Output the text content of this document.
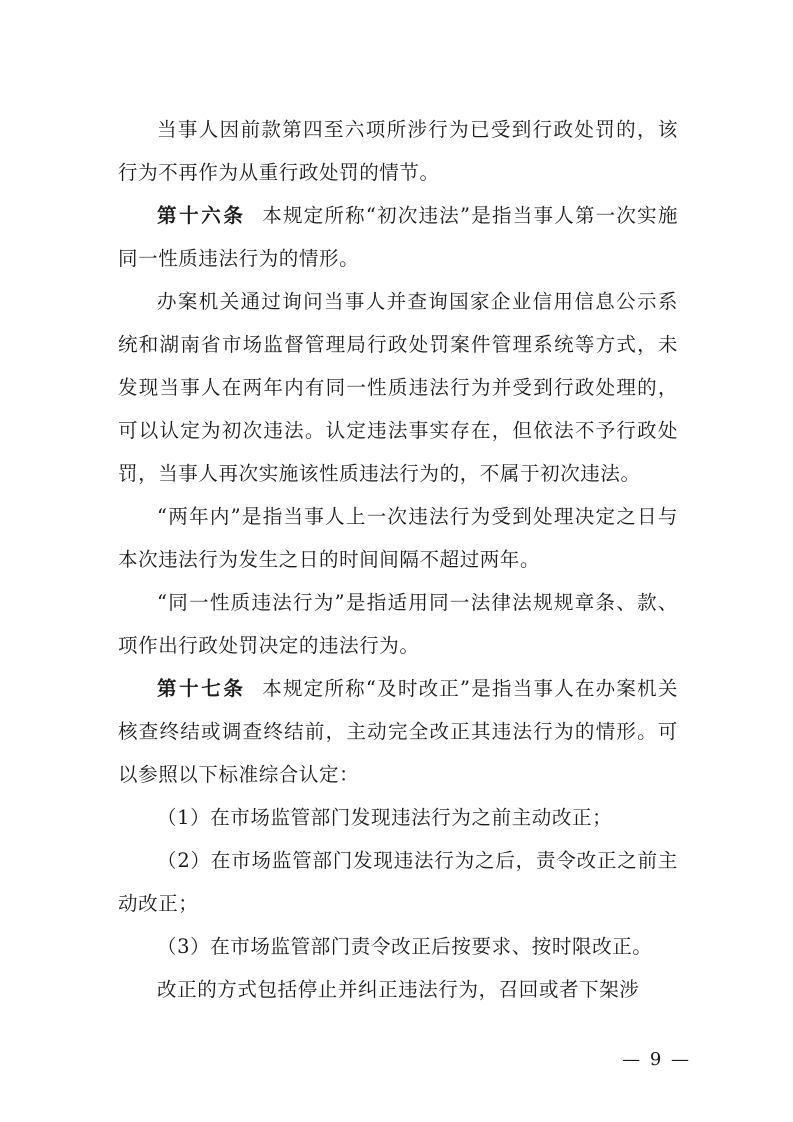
当事人因前款第四至六项所涉行为已受到行政处罚的，该行为不再作为从重行政处罚的情节。

第十六条 本规定所称“初次违法”是指当事人第一次实施同一性质违法行为的情形。

办案机关通过询问当事人并查询国家企业信用信息公示系统和湖南省市场监督管理局行政处罚案件管理系统等方式，未发现当事人在两年内有同一性质违法行为并受到行政处理的，可以认定为初次违法。认定违法事实存在，但依法不予行政处罚，当事人再次实施该性质违法行为的，不属于初次违法。

“两年内”是指当事人上一次违法行为受到处理决定之日与本次违法行为发生之日的时间间隔不超过两年。

“同一性质违法行为”是指适用同一法律法规规章条、款、项作出行政处罚决定的违法行为。

第十七条 本规定所称“及时改正”是指当事人在办案机关核查终结或调查终结前，主动完全改正其违法行为的情形。可以参照以下标准综合认定：

（1）在市场监管部门发现违法行为之前主动改正；

（2）在市场监管部门发现违法行为之后，责令改正之前主动改正；

（3）在市场监管部门责令改正后按要求、按时限改正。

改正的方式包括停止并纠正违法行为，召回或者下架涉

— 9 —
